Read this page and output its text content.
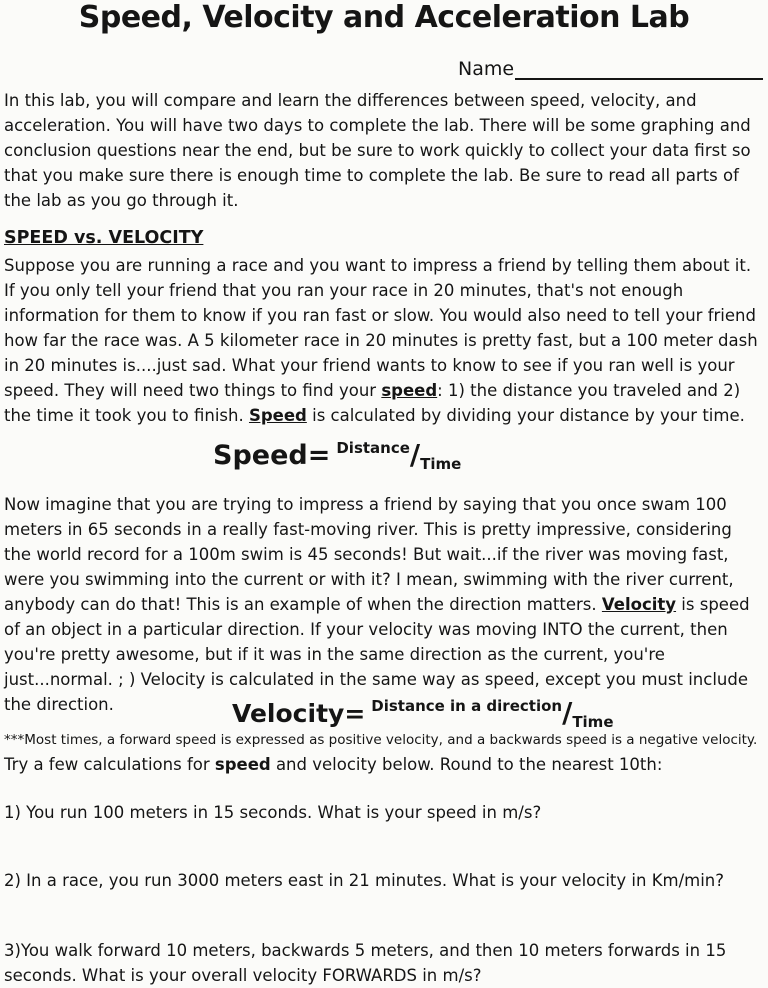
Speed, Velocity and Acceleration Lab
Name

In this lab, you will compare and learn the differences between speed, velocity, and acceleration. You will have two days to complete the lab. There will be some graphing and conclusion questions near the end, but be sure to work quickly to collect your data first so that you make sure there is enough time to complete the lab. Be sure to read all parts of the lab as you go through it.

SPEED vs. VELOCITY

Suppose you are running a race and you want to impress a friend by telling them about it. If you only tell your friend that you ran your race in 20 minutes, that's not enough information for them to know if you ran fast or slow. You would also need to tell your friend how far the race was. A 5 kilometer race in 20 minutes is pretty fast, but a 100 meter dash in 20 minutes is....just sad. What your friend wants to know to see if you ran well is your speed. They will need two things to find your speed: 1) the distance you traveled and 2) the time it took you to finish. Speed is calculated by dividing your distance by your time.

Speed= Distance/Time

Now imagine that you are trying to impress a friend by saying that you once swam 100 meters in 65 seconds in a really fast-moving river. This is pretty impressive, considering the world record for a 100m swim is 45 seconds! But wait...if the river was moving fast, were you swimming into the current or with it? I mean, swimming with the river current, anybody can do that! This is an example of when the direction matters. Velocity is speed of an object in a particular direction. If your velocity was moving INTO the current, then you're pretty awesome, but if it was in the same direction as the current, you're just...normal. ; ) Velocity is calculated in the same way as speed, except you must include the direction.	Velocity= Distance in a direction/Time

***Most times, a forward speed is expressed as positive velocity, and a backwards speed is a negative velocity.

Try a few calculations for speed and velocity below. Round to the nearest 10th:

1) You run 100 meters in 15 seconds. What is your speed in m/s?

2) In a race, you run 3000 meters east in 21 minutes. What is your velocity in Km/min?

3)You walk forward 10 meters, backwards 5 meters, and then 10 meters forwards in 15 seconds. What is your overall velocity FORWARDS in m/s?
